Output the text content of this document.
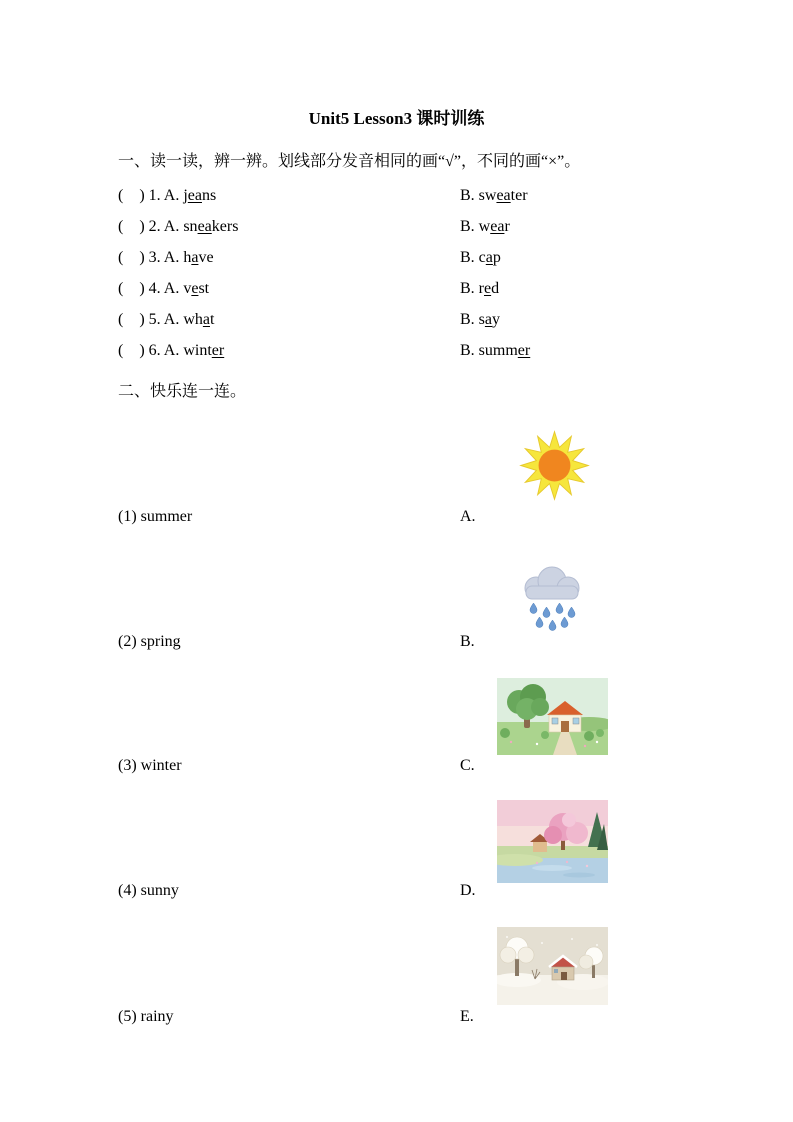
Unit5 Lesson3 课时训练
一、读一读，辨一辨。划线部分发音相同的画“√”，不同的画“×”。
(    ) 1. A. jeans	B. sweater
(    ) 2. A. sneakers	B. wear
(    ) 3. A. have	B. cap
(    ) 4. A. vest	B. red
(    ) 5. A. what	B. say
(    ) 6. A. winter	B. summer
二、快乐连一连。
(1) summer	A.
(2) spring	B.
(3) winter	C.
(4) sunny	D.
(5) rainy	E.
